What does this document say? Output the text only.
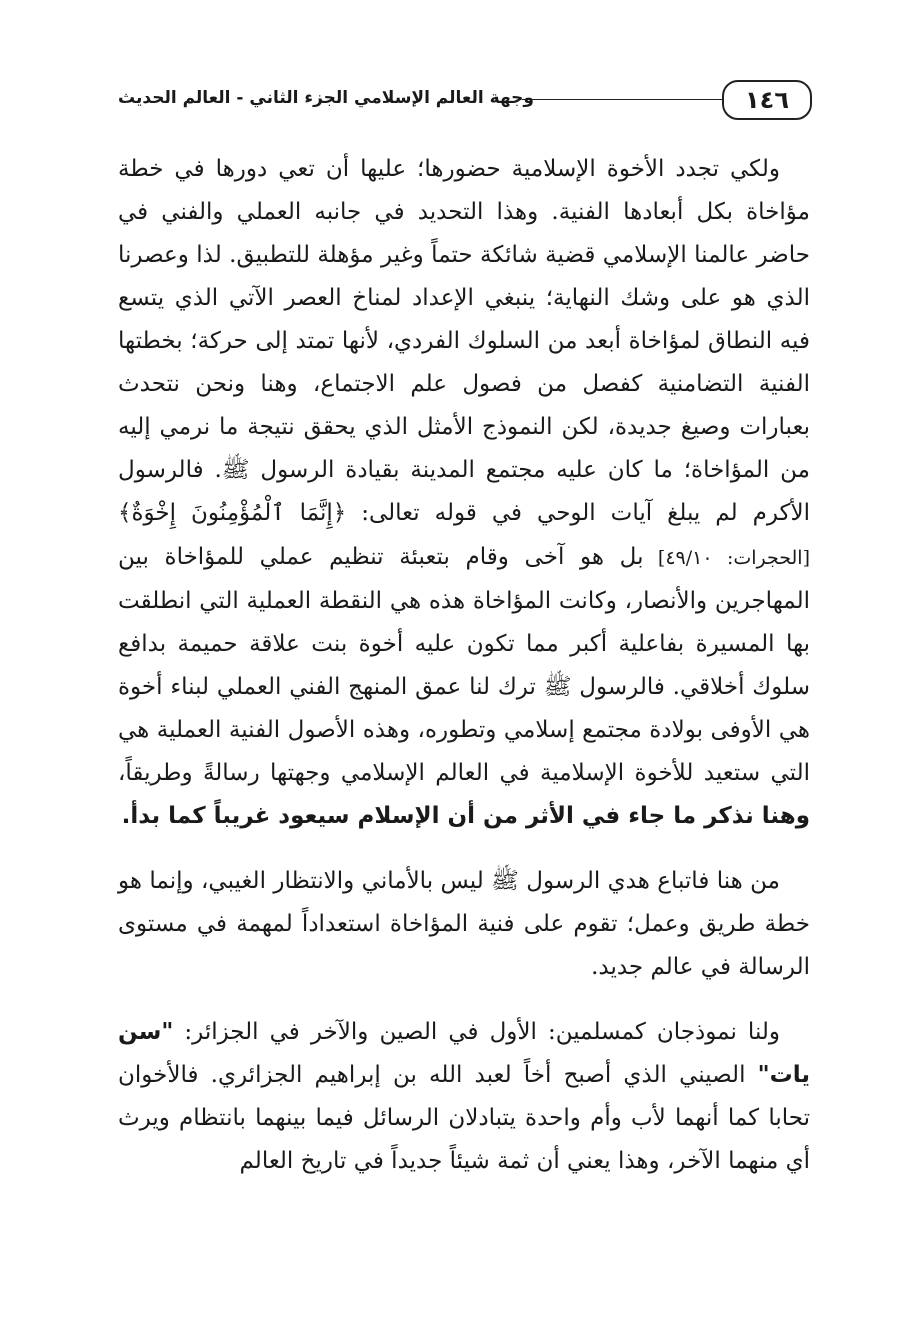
١٤٦
وجهة العالم الإسلامي الجزء الثاني - العالم الحديث

ولكي تجدد الأخوة الإسلامية حضورها؛ عليها أن تعي دورها في خطة مؤاخاة بكل أبعادها الفنية. وهذا التحديد في جانبه العملي والفني في حاضر عالمنا الإسلامي قضية شائكة حتماً وغير مؤهلة للتطبيق. لذا وعصرنا الذي هو على وشك النهاية؛ ينبغي الإعداد لمناخ العصر الآتي الذي يتسع فيه النطاق لمؤاخاة أبعد من السلوك الفردي، لأنها تمتد إلى حركة؛ بخطتها الفنية التضامنية كفصل من فصول علم الاجتماع، وهنا ونحن نتحدث بعبارات وصيغ جديدة، لكن النموذج الأمثل الذي يحقق نتيجة ما نرمي إليه من المؤاخاة؛ ما كان عليه مجتمع المدينة بقيادة الرسول ﷺ. فالرسول الأكرم لم يبلغ آيات الوحي في قوله تعالى: ﴿إِنَّمَا ٱلْمُؤْمِنُونَ إِخْوَةٌ﴾ [الحجرات: ٤٩/١٠] بل هو آخى وقام بتعبئة تنظيم عملي للمؤاخاة بين المهاجرين والأنصار، وكانت المؤاخاة هذه هي النقطة العملية التي انطلقت بها المسيرة بفاعلية أكبر مما تكون عليه أخوة بنت علاقة حميمة بدافع سلوك أخلاقي. فالرسول ﷺ ترك لنا عمق المنهج الفني العملي لبناء أخوة هي الأوفى بولادة مجتمع إسلامي وتطوره، وهذه الأصول الفنية العملية هي التي ستعيد للأخوة الإسلامية في العالم الإسلامي وجهتها رسالةً وطريقاً، وهنا نذكر ما جاء في الأثر من أن الإسلام سيعود غريباً كما بدأ.

من هنا فاتباع هدي الرسول ﷺ ليس بالأماني والانتظار الغيبي، وإنما هو خطة طريق وعمل؛ تقوم على فنية المؤاخاة استعداداً لمهمة في مستوى الرسالة في عالم جديد.

ولنا نموذجان كمسلمين: الأول في الصين والآخر في الجزائر: "سن يات" الصيني الذي أصبح أخاً لعبد الله بن إبراهيم الجزائري. فالأخوان تحابا كما أنهما لأب وأم واحدة يتبادلان الرسائل فيما بينهما بانتظام ويرث أي منهما الآخر، وهذا يعني أن ثمة شيئاً جديداً في تاريخ العالم
